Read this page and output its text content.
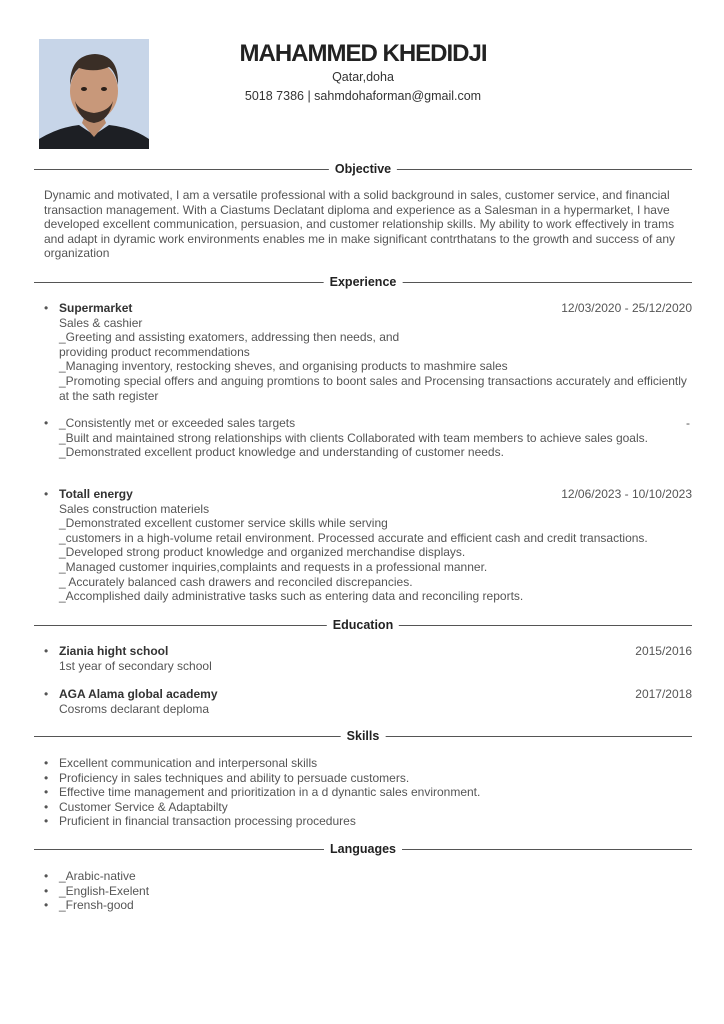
MAHAMMED KHEDIDJI
Qatar,doha
5018 7386 | sahmdohaforman@gmail.com
Objective
Dynamic and motivated, I am a versatile professional with a solid background in sales, customer service, and financial transaction management. With a Ciastums Declatant diploma and experience as a Salesman in a hypermarket, I have developed excellent communication, persuasion, and customer relationship skills. My ability to work effectively in trams and adapt in dyramic work environments enables me in make significant contrthatans to the growth and success of any organization
Experience
• Supermarket
Sales & cashier
_Greeting and assisting exatomers, addressing then needs, and
providing product recommendations
_Managing inventory, restocking sheves, and organising products to mashmire sales
_Promoting special offers and anguing promtions to boont sales and Procensing transactions accurately and efficiently at the sath register
12/03/2020 - 25/12/2020
• _Consistently met or exceeded sales targets
_Built and maintained strong relationships with clients Collaborated with team members to achieve sales goals.
_Demonstrated excellent product knowledge and understanding of customer needs.
-
• Totall energy
Sales construction materiels
_Demonstrated excellent customer service skills while serving
_customers in a high-volume retail environment. Processed accurate and efficient cash and credit transactions.
_Developed strong product knowledge and organized merchandise displays.
_Managed customer inquiries,complaints and requests in a professional manner.
_ Accurately balanced cash drawers and reconciled discrepancies.
_Accomplished daily administrative tasks such as entering data and reconciling reports.
12/06/2023 - 10/10/2023
Education
• Ziania hight school
1st year of secondary school
2015/2016
• AGA Alama global academy
Cosroms declarant deploma
2017/2018
Skills
• Excellent communication and interpersonal skills
• Proficiency in sales techniques and ability to persuade customers.
• Effective time management and prioritization in a d dynantic sales environment.
• Customer Service & Adaptabilty
• Pruficient in financial transaction processing procedures
Languages
• _Arabic-native
• _English-Exelent
• _Frensh-good
